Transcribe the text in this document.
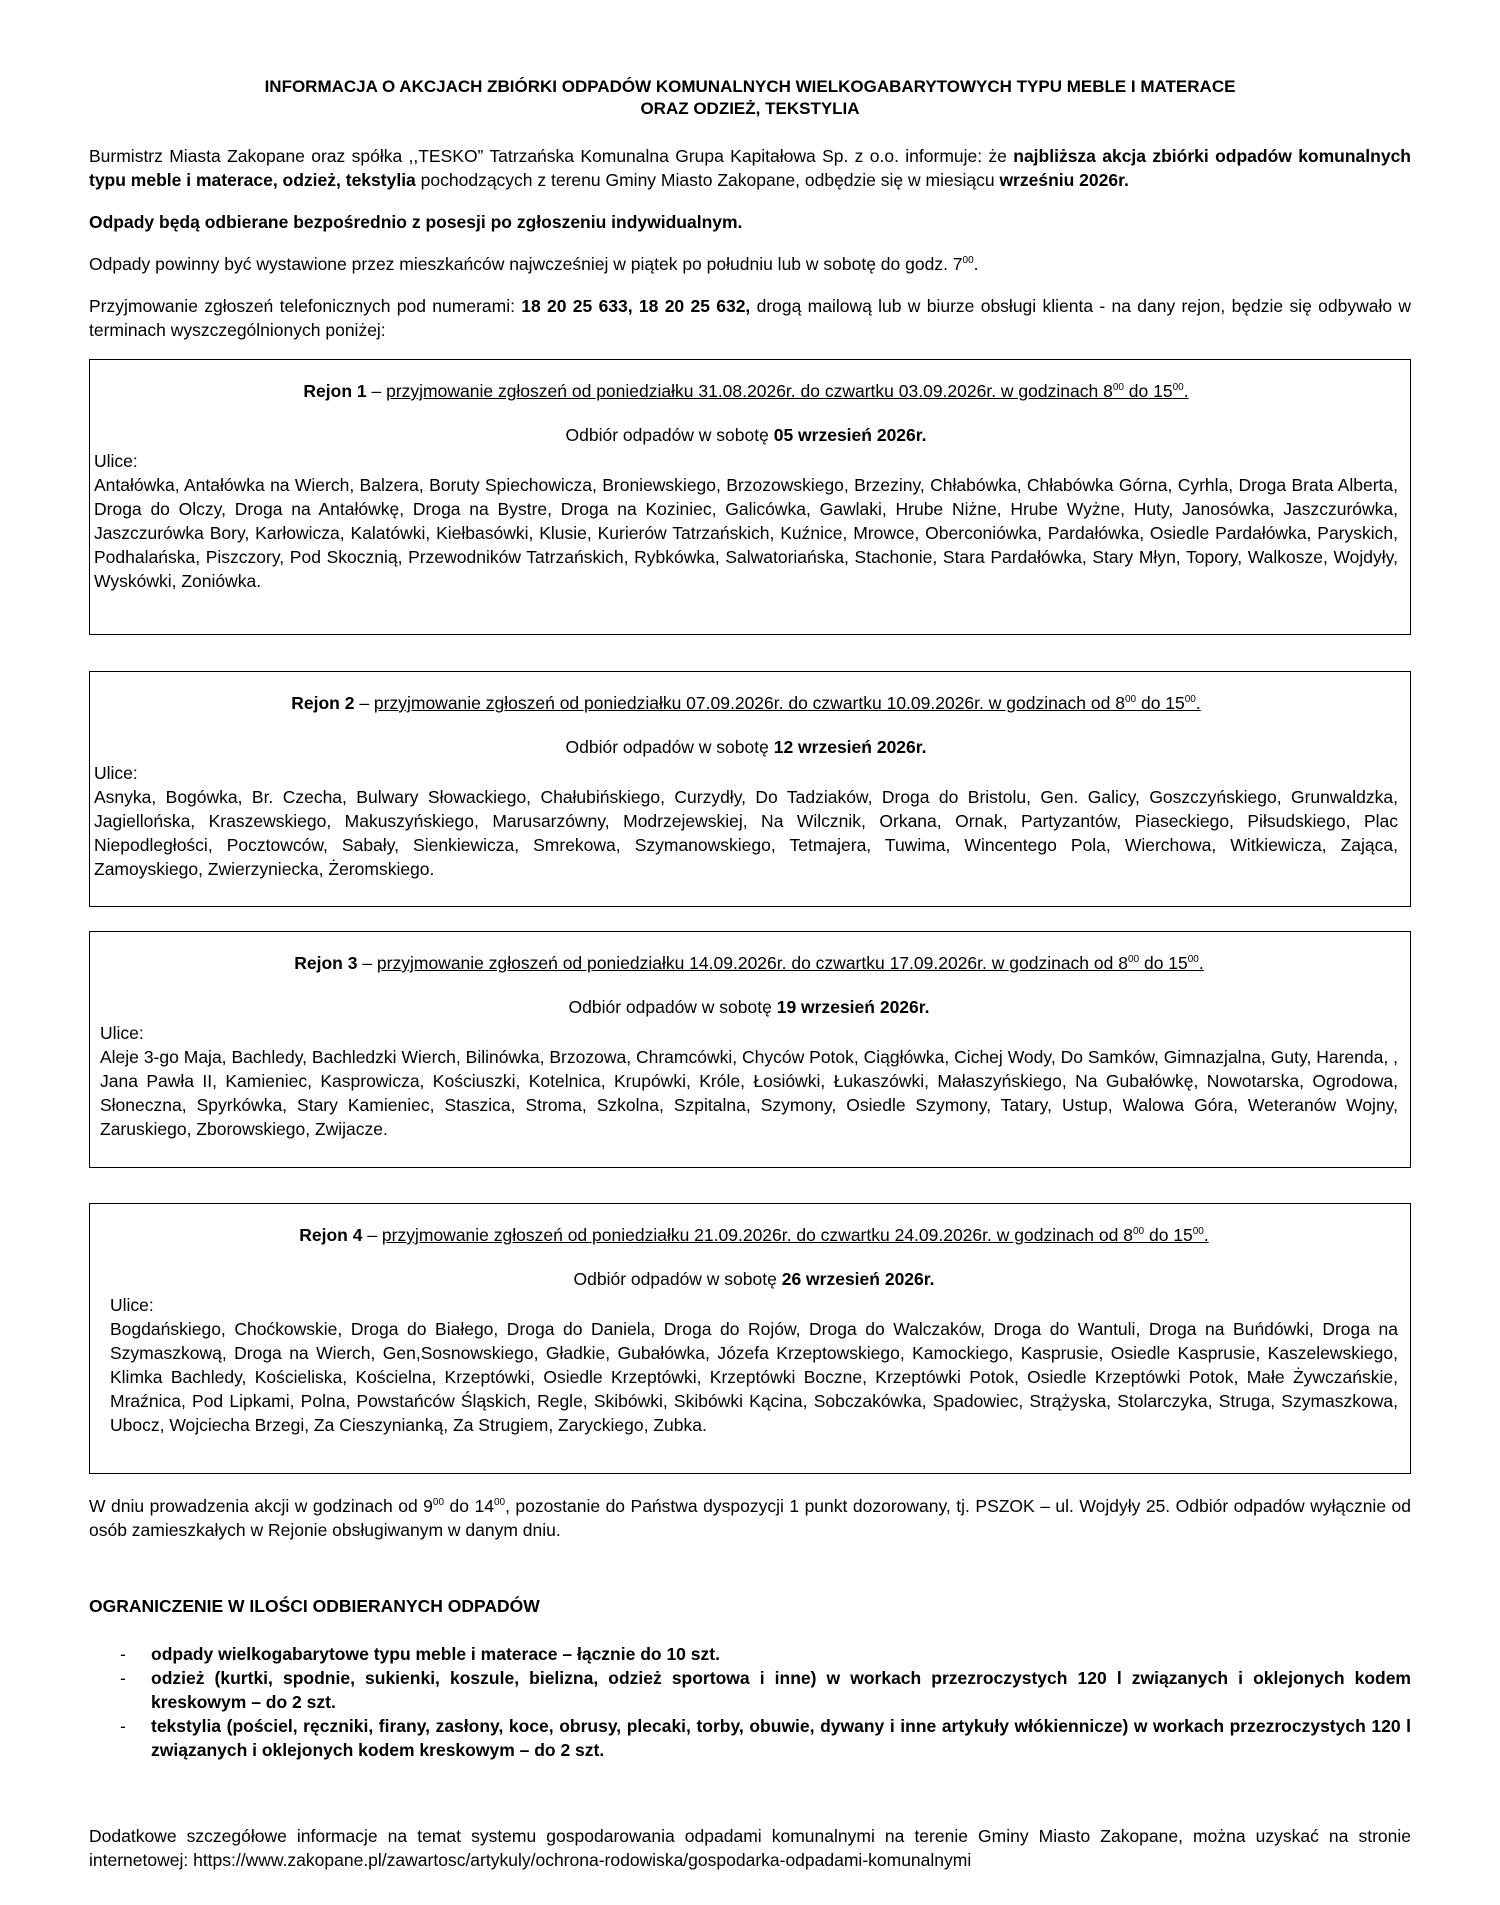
INFORMACJA O AKCJACH ZBIÓRKI ODPADÓW KOMUNALNYCH WIELKOGABARYTOWYCH TYPU MEBLE I MATERACE
ORAZ ODZIEŻ, TEKSTYLIA

Burmistrz Miasta Zakopane oraz spółka ,,TESKO” Tatrzańska Komunalna Grupa Kapitałowa Sp. z o.o. informuje: że najbliższa akcja zbiórki odpadów komunalnych typu meble i materace, odzież, tekstylia pochodzących z terenu Gminy Miasto Zakopane, odbędzie się w miesiącu wrześniu 2026r.

Odpady będą odbierane bezpośrednio z posesji po zgłoszeniu indywidualnym.

Odpady powinny być wystawione przez mieszkańców najwcześniej w piątek po południu lub w sobotę do godz. $7^{00}$.

Przyjmowanie zgłoszeń telefonicznych pod numerami: 18 20 25 633, 18 20 25 632, drogą mailową lub w biurze obsługi klienta - na dany rejon, będzie się odbywało w terminach wyszczególnionych poniżej:

Rejon 1 – przyjmowanie zgłoszeń od poniedziałku 31.08.2026r. do czwartku 03.09.2026r. w godzinach $8^{00}$ do $15^{00}$.
Odbiór odpadów w sobotę 05 wrzesień 2026r.
Ulice:
Antałówka, Antałówka na Wierch, Balzera, Boruty Spiechowicza, Broniewskiego, Brzozowskiego, Brzeziny, Chłabówka, Chłabówka Górna, Cyrhla, Droga Brata Alberta, Droga do Olczy, Droga na Antałówkę, Droga na Bystre, Droga na Koziniec, Galicówka, Gawlaki, Hrube Niżne, Hrube Wyżne, Huty, Janosówka, Jaszczurówka, Jaszczurówka Bory, Karłowicza, Kalatówki, Kiełbasówki, Klusie, Kurierów Tatrzańskich, Kuźnice, Mrowce, Oberconiówka, Pardałówka, Osiedle Pardałówka, Paryskich, Podhalańska, Piszczory, Pod Skocznią, Przewodników Tatrzańskich, Rybkówka, Salwatoriańska, Stachonie, Stara Pardałówka, Stary Młyn, Topory, Walkosze, Wojdyły, Wyskówki, Zoniówka.
Rejon 2 – przyjmowanie zgłoszeń od poniedziałku 07.09.2026r. do czwartku 10.09.2026r. w godzinach od $8^{00}$ do $15^{00}$.
Odbiór odpadów w sobotę 12 wrzesień 2026r.
Ulice:
Asnyka, Bogówka, Br. Czecha, Bulwary Słowackiego, Chałubińskiego, Curzydły, Do Tadziaków, Droga do Bristolu, Gen. Galicy, Goszczyńskiego, Grunwaldzka, Jagiellońska, Kraszewskiego, Makuszyńskiego, Marusarzówny, Modrzejewskiej, Na Wilcznik, Orkana, Ornak, Partyzantów, Piaseckiego, Piłsudskiego, Plac Niepodległości, Pocztowców, Sabały, Sienkiewicza, Smrekowa, Szymanowskiego, Tetmajera, Tuwima, Wincentego Pola, Wierchowa, Witkiewicza, Zająca, Zamoyskiego, Zwierzyniecka, Żeromskiego.
Rejon 3 – przyjmowanie zgłoszeń od poniedziałku 14.09.2026r. do czwartku 17.09.2026r. w godzinach od $8^{00}$ do $15^{00}$.
Odbiór odpadów w sobotę 19 wrzesień 2026r.
Ulice:
Aleje 3-go Maja, Bachledy, Bachledzki Wierch, Bilinówka, Brzozowa, Chramcówki, Chyców Potok, Ciągłówka, Cichej Wody, Do Samków, Gimnazjalna, Guty, Harenda, , Jana Pawła II, Kamieniec, Kasprowicza, Kościuszki, Kotelnica, Krupówki, Króle, Łosiówki, Łukaszówki, Małaszyńskiego, Na Gubałówkę, Nowotarska, Ogrodowa, Słoneczna, Spyrkówka, Stary Kamieniec, Staszica, Stroma, Szkolna, Szpitalna, Szymony, Osiedle Szymony, Tatary, Ustup, Walowa Góra, Weteranów Wojny, Zaruskiego, Zborowskiego, Zwijacze.
Rejon 4 – przyjmowanie zgłoszeń od poniedziałku 21.09.2026r. do czwartku 24.09.2026r. w godzinach od $8^{00}$ do $15^{00}$.
Odbiór odpadów w sobotę 26 wrzesień 2026r.
Ulice:
Bogdańskiego, Choćkowskie, Droga do Białego, Droga do Daniela, Droga do Rojów, Droga do Walczaków, Droga do Wantuli, Droga na Buńdówki, Droga na Szymaszkową, Droga na Wierch, Gen,Sosnowskiego, Gładkie, Gubałówka, Józefa Krzeptowskiego, Kamockiego, Kasprusie, Osiedle Kasprusie, Kaszelewskiego, Klimka Bachledy, Kościeliska, Kościelna, Krzeptówki, Osiedle Krzeptówki, Krzeptówki Boczne, Krzeptówki Potok, Osiedle Krzeptówki Potok, Małe Żywczańskie, Mraźnica, Pod Lipkami, Polna, Powstańców Śląskich, Regle, Skibówki, Skibówki Kącina, Sobczakówka, Spadowiec, Strążyska, Stolarczyka, Struga, Szymaszkowa, Ubocz, Wojciecha Brzegi, Za Cieszynianką, Za Strugiem, Zaryckiego, Zubka.

W dniu prowadzenia akcji w godzinach od $9^{00}$ do $14^{00}$, pozostanie do Państwa dyspozycji 1 punkt dozorowany, tj. PSZOK – ul. Wojdyły 25. Odbiór odpadów wyłącznie od osób zamieszkałych w Rejonie obsługiwanym w danym dniu.

OGRANICZENIE W ILOŚCI ODBIERANYCH ODPADÓW
- odpady wielkogabarytowe typu meble i materace – łącznie do 10 szt.
- odzież (kurtki, spodnie, sukienki, koszule, bielizna, odzież sportowa i inne) w workach przezroczystych 120 l związanych i oklejonych kodem kreskowym – do 2 szt.
- tekstylia (pościel, ręczniki, firany, zasłony, koce, obrusy, plecaki, torby, obuwie, dywany i inne artykuły włókiennicze) w workach przezroczystych 120 l związanych i oklejonych kodem kreskowym – do 2 szt.

Dodatkowe szczegółowe informacje na temat systemu gospodarowania odpadami komunalnymi na terenie Gminy Miasto Zakopane, można uzyskać na stronie internetowej: https://www.zakopane.pl/zawartosc/artykuly/ochrona-rodowiska/gospodarka-odpadami-komunalnymi
